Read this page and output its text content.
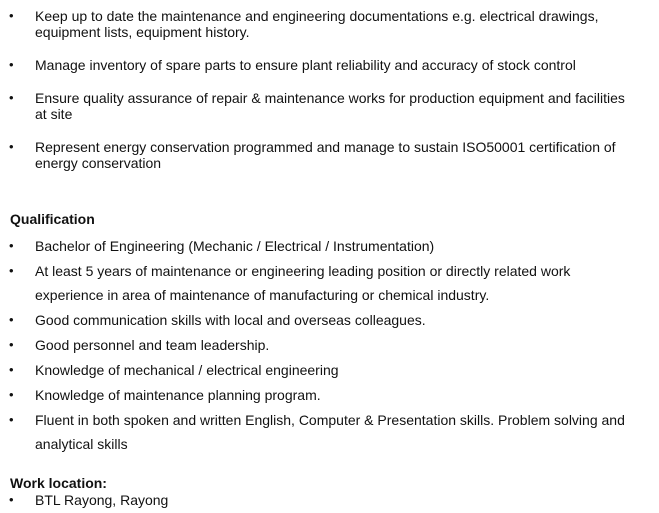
• Keep up to date the maintenance and engineering documentations e.g. electrical drawings, equipment lists, equipment history.
• Manage inventory of spare parts to ensure plant reliability and accuracy of stock control
• Ensure quality assurance of repair & maintenance works for production equipment and facilities at site
• Represent energy conservation programmed and manage to sustain ISO50001 certification of energy conservation
Qualification
• Bachelor of Engineering (Mechanic / Electrical / Instrumentation)
• At least 5 years of maintenance or engineering leading position or directly related work experience in area of maintenance of manufacturing or chemical industry.
• Good communication skills with local and overseas colleagues.
• Good personnel and team leadership.
• Knowledge of mechanical / electrical engineering
• Knowledge of maintenance planning program.
• Fluent in both spoken and written English, Computer & Presentation skills. Problem solving and analytical skills
Work location:
• BTL Rayong, Rayong
